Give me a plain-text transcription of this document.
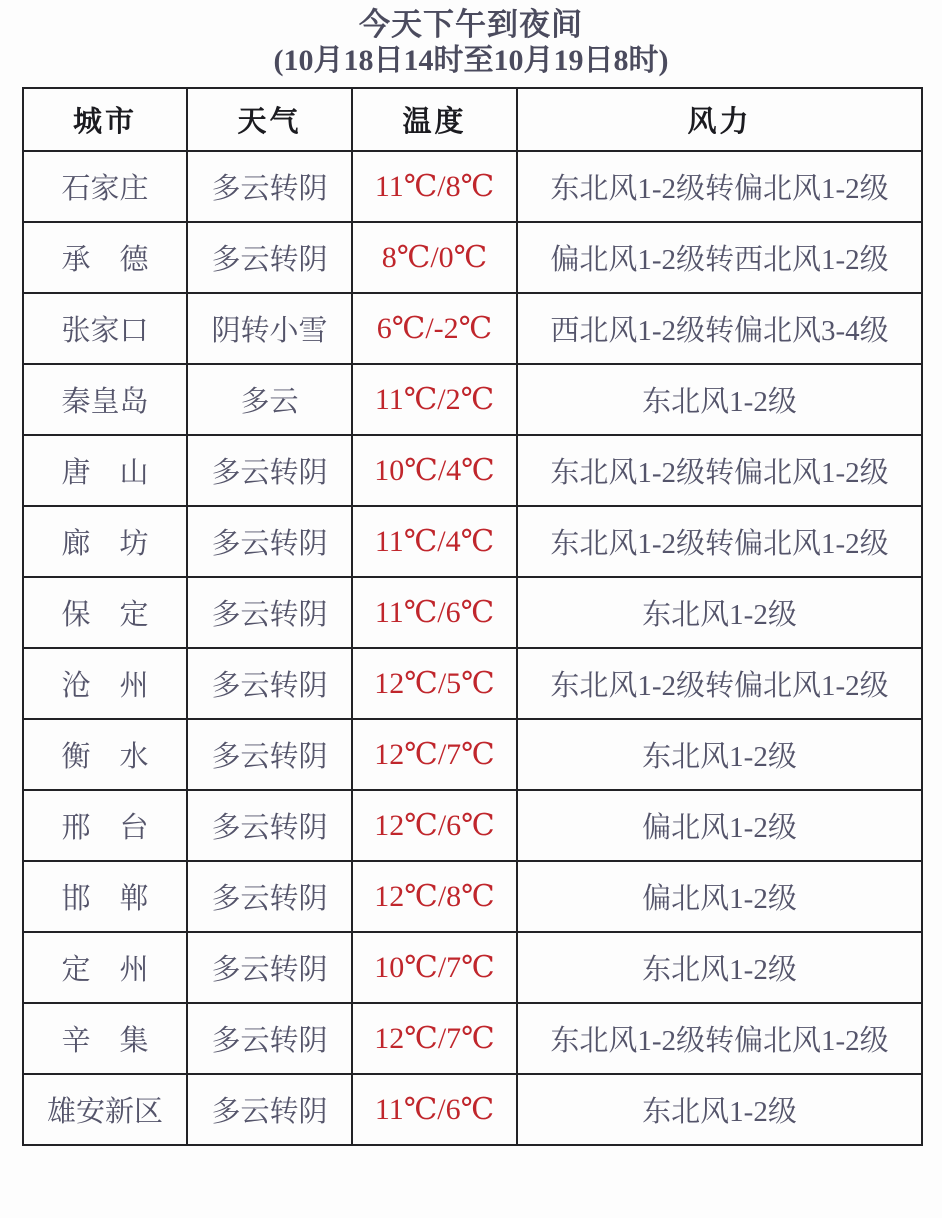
今天下午到夜间
(10月18日14时至10月19日8时)
城市	天气	温度	风力
石家庄	多云转阴	11℃/8℃	东北风1-2级转偏北风1-2级
承　德	多云转阴	8℃/0℃	偏北风1-2级转西北风1-2级
张家口	阴转小雪	6℃/-2℃	西北风1-2级转偏北风3-4级
秦皇岛	多云	11℃/2℃	东北风1-2级
唐　山	多云转阴	10℃/4℃	东北风1-2级转偏北风1-2级
廊　坊	多云转阴	11℃/4℃	东北风1-2级转偏北风1-2级
保　定	多云转阴	11℃/6℃	东北风1-2级
沧　州	多云转阴	12℃/5℃	东北风1-2级转偏北风1-2级
衡　水	多云转阴	12℃/7℃	东北风1-2级
邢　台	多云转阴	12℃/6℃	偏北风1-2级
邯　郸	多云转阴	12℃/8℃	偏北风1-2级
定　州	多云转阴	10℃/7℃	东北风1-2级
辛　集	多云转阴	12℃/7℃	东北风1-2级转偏北风1-2级
雄安新区	多云转阴	11℃/6℃	东北风1-2级
